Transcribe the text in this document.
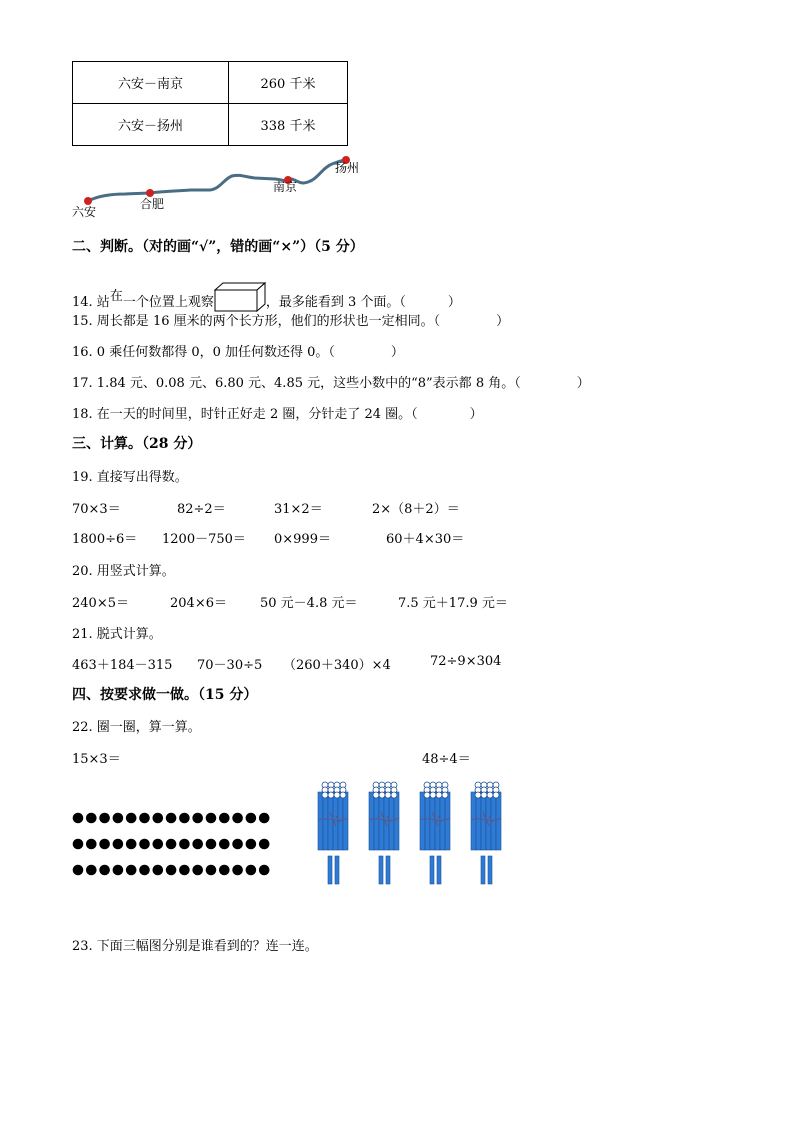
六安－南京	260 千米
六安－扬州	338 千米
六安
合肥
南京
扬州
二、判断。（对的画“√”，错的画“×”）（5 分）
14. 站在一个位置上观察	，最多能看到 3 个面。（	）
15. 周长都是 16 厘米的两个长方形，他们的形状也一定相同。（	）
16. 0 乘任何数都得 0，0 加任何数还得 0。（	）
17. 1.84 元、0.08 元、6.80 元、4.85 元，这些小数中的“8”表示都 8 角。（	）
18. 在一天的时间里，时针正好走 2 圈，分针走了 24 圈。（	）
三、计算。（28 分）
19. 直接写出得数。
70×3＝	82÷2＝	31×2＝	2×（8＋2）＝
1800÷6＝ 1200－750＝ 0×999＝	60＋4×30＝
20. 用竖式计算。
240×5＝	204×6＝	50 元－4.8 元＝	7.5 元＋17.9 元＝
21. 脱式计算。
463＋184－315 70－30÷5 （260＋340）×4	72÷9×304
四、按要求做一做。（15 分）
22. 圈一圈，算一算。
15×3＝	48÷4＝
23. 下面三幅图分别是谁看到的？连一连。
